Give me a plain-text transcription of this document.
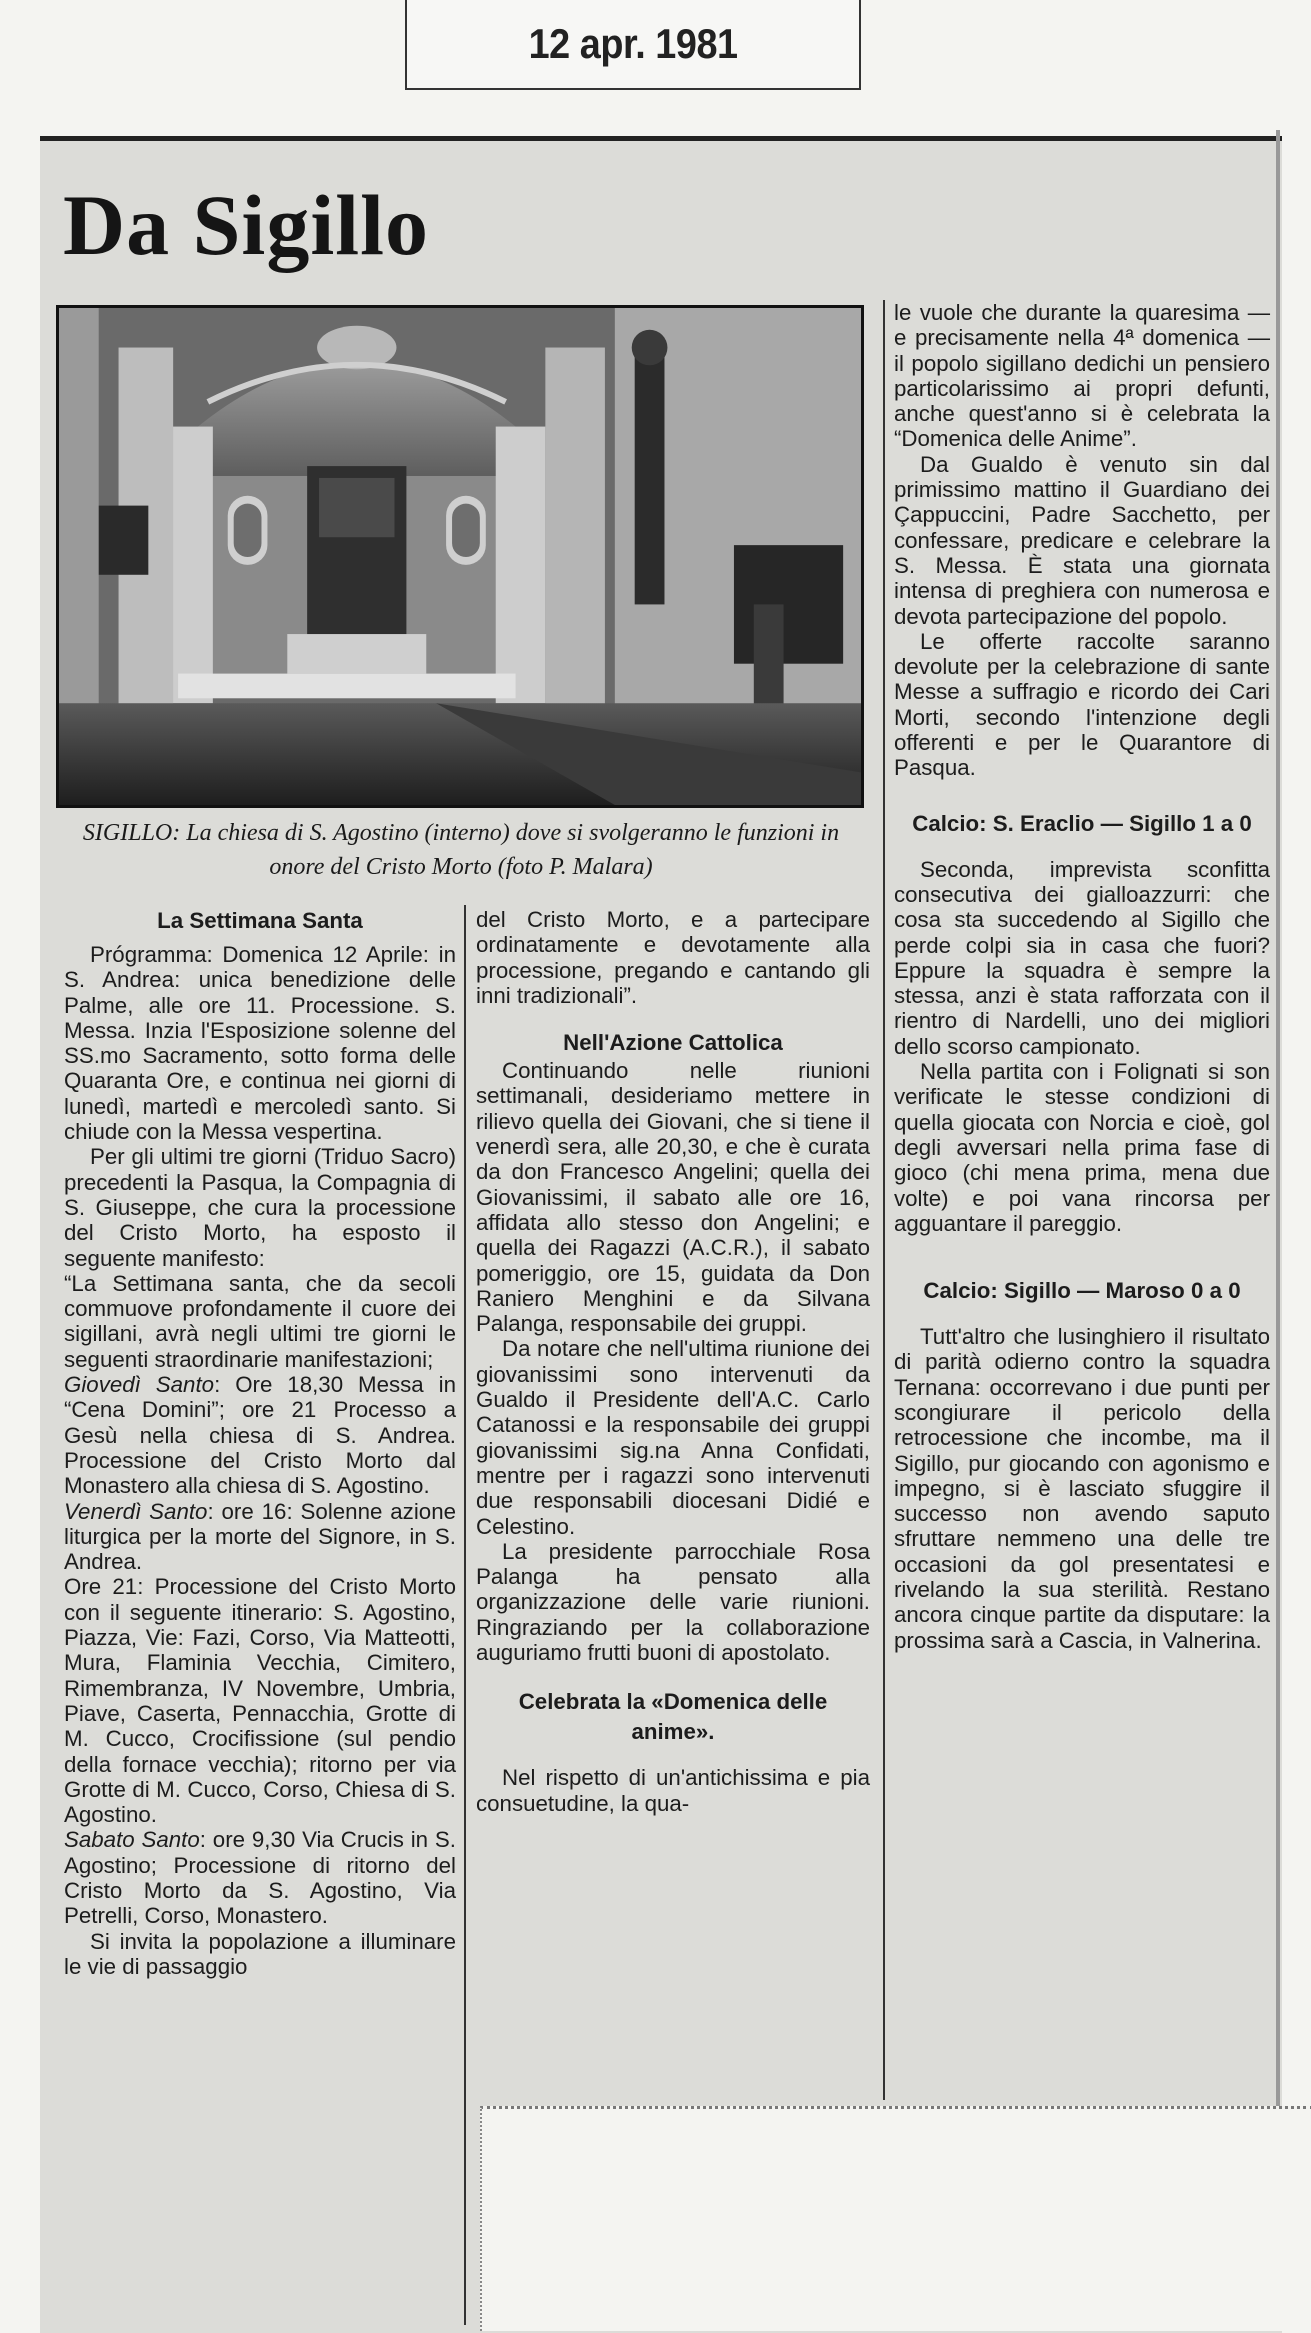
12 apr. 1981
Da Sigillo

SIGILLO: La chiesa di S. Agostino (interno) dove si svolgeranno le funzioni in onore del Cristo Morto (foto P. Malara)

La Settimana Santa

Prógramma: Domenica 12 Aprile: in S. Andrea: unica benedizione delle Palme, alle ore 11. Processione. S. Messa. Inzia l'Esposizione solenne del SS.mo Sacramento, sotto forma delle Quaranta Ore, e continua nei giorni di lunedì, martedì e mercoledì santo. Si chiude con la Messa vespertina.

Per gli ultimi tre giorni (Triduo Sacro) precedenti la Pasqua, la Compagnia di S. Giuseppe, che cura la processione del Cristo Morto, ha esposto il seguente manifesto:

“La Settimana santa, che da secoli commuove profondamente il cuore dei sigillani, avrà negli ultimi tre giorni le seguenti straordinarie manifestazioni;

Giovedì Santo: Ore 18,30 Messa in “Cena Domini”; ore 21 Processo a Gesù nella chiesa di S. Andrea. Processione del Cristo Morto dal Monastero alla chiesa di S. Agostino.

Venerdì Santo: ore 16: Solenne azione liturgica per la morte del Signore, in S. Andrea.

Ore 21: Processione del Cristo Morto con il seguente itinerario: S. Agostino, Piazza, Vie: Fazi, Corso, Via Matteotti, Mura, Flaminia Vecchia, Cimitero, Rimembranza, IV Novembre, Umbria, Piave, Caserta, Pennacchia, Grotte di M. Cucco, Crocifissione (sul pendio della fornace vecchia); ritorno per via Grotte di M. Cucco, Corso, Chiesa di S. Agostino.

Sabato Santo: ore 9,30 Via Crucis in S. Agostino; Processione di ritorno del Cristo Morto da S. Agostino, Via Petrelli, Corso, Monastero.

Si invita la popolazione a illuminare le vie di passaggio

del Cristo Morto, e a partecipare ordinatamente e devotamente alla processione, pregando e cantando gli inni tradizionali”.

Nell'Azione Cattolica

Continuando nelle riunioni settimanali, desideriamo mettere in rilievo quella dei Giovani, che si tiene il venerdì sera, alle 20,30, e che è curata da don Francesco Angelini; quella dei Giovanissimi, il sabato alle ore 16, affidata allo stesso don Angelini; e quella dei Ragazzi (A.C.R.), il sabato pomeriggio, ore 15, guidata da Don Raniero Menghini e da Silvana Palanga, responsabile dei gruppi.

Da notare che nell'ultima riunione dei giovanissimi sono intervenuti da Gualdo il Presidente dell'A.C. Carlo Catanossi e la responsabile dei gruppi giovanissimi sig.na Anna Confidati, mentre per i ragazzi sono intervenuti due responsabili diocesani Didié e Celestino.

La presidente parrocchiale Rosa Palanga ha pensato alla organizzazione delle varie riunioni. Ringraziando per la collaborazione auguriamo frutti buoni di apostolato.

Celebrata la «Domenica delle anime».

Nel rispetto di un'antichissima e pia consuetudine, la qua-

le vuole che durante la quaresima — e precisamente nella 4ª domenica — il popolo sigillano dedichi un pensiero particolarissimo ai propri defunti, anche quest'anno si è celebrata la “Domenica delle Anime”.

Da Gualdo è venuto sin dal primissimo mattino il Guardiano dei Çappuccini, Padre Sacchetto, per confessare, predicare e celebrare la S. Messa. È stata una giornata intensa di preghiera con numerosa e devota partecipazione del popolo.

Le offerte raccolte saranno devolute per la celebrazione di sante Messe a suffragio e ricordo dei Cari Morti, secondo l'intenzione degli offerenti e per le Quarantore di Pasqua.

Calcio: S. Eraclio — Sigillo 1 a 0

Seconda, imprevista sconfitta consecutiva dei gialloazzurri: che cosa sta succedendo al Sigillo che perde colpi sia in casa che fuori? Eppure la squadra è sempre la stessa, anzi è stata rafforzata con il rientro di Nardelli, uno dei migliori dello scorso campionato.

Nella partita con i Folignati si son verificate le stesse condizioni di quella giocata con Norcia e cioè, gol degli avversari nella prima fase di gioco (chi mena prima, mena due volte) e poi vana rincorsa per agguantare il pareggio.

Calcio: Sigillo — Maroso 0 a 0

Tutt'altro che lusinghiero il risultato di parità odierno contro la squadra Ternana: occorrevano i due punti per scongiurare il pericolo della retrocessione che incombe, ma il Sigillo, pur giocando con agonismo e impegno, si è lasciato sfuggire il successo non avendo saputo sfruttare nemmeno una delle tre occasioni da gol presentatesi e rivelando la sua sterilità. Restano ancora cinque partite da disputare: la prossima sarà a Cascia, in Valnerina.
